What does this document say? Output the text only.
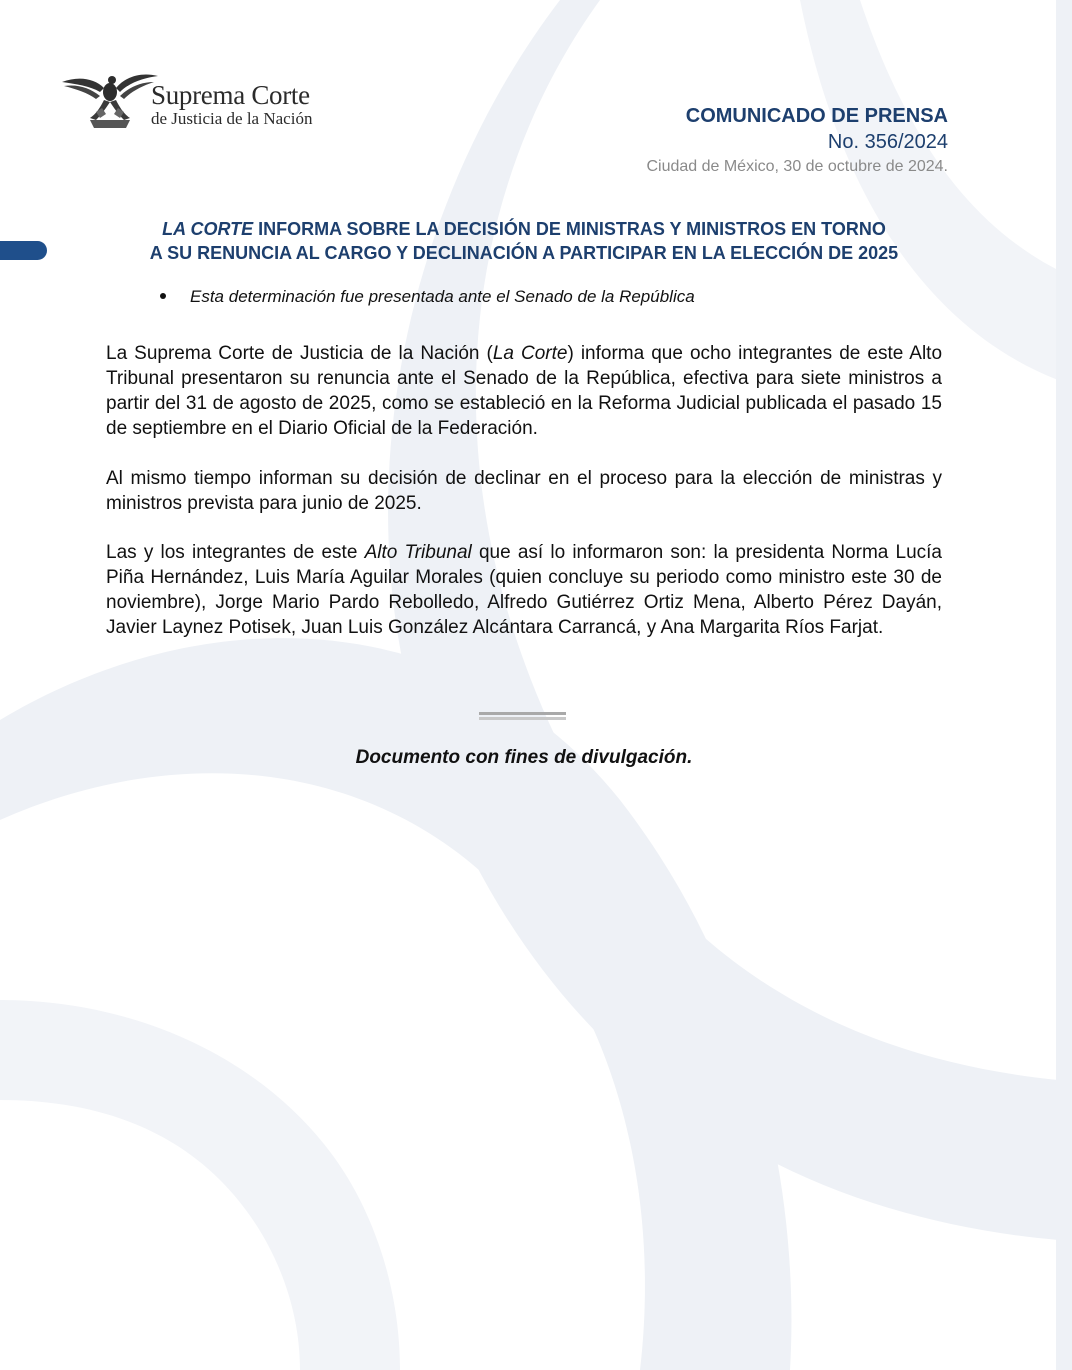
Suprema Corte
de Justicia de la Nación	COMUNICADO DE PRENSA
No. 356/2024
Ciudad de México, 30 de octubre de 2024.
LA CORTE INFORMA SOBRE LA DECISIÓN DE MINISTRAS Y MINISTROS EN TORNO
A SU RENUNCIA AL CARGO Y DECLINACIÓN A PARTICIPAR EN LA ELECCIÓN DE 2025
Esta determinación fue presentada ante el Senado de la República
La Suprema Corte de Justicia de la Nación (La Corte) informa que ocho integrantes de este Alto Tribunal presentaron su renuncia ante el Senado de la República, efectiva para siete ministros a partir del 31 de agosto de 2025, como se estableció en la Reforma Judicial publicada el pasado 15 de septiembre en el Diario Oficial de la Federación.
Al mismo tiempo informan su decisión de declinar en el proceso para la elección de ministras y ministros prevista para junio de 2025.
Las y los integrantes de este Alto Tribunal que así lo informaron son: la presidenta Norma Lucía Piña Hernández, Luis María Aguilar Morales (quien concluye su periodo como ministro este 30 de noviembre), Jorge Mario Pardo Rebolledo, Alfredo Gutiérrez Ortiz Mena, Alberto Pérez Dayán, Javier Laynez Potisek, Juan Luis González Alcántara Carrancá, y Ana Margarita Ríos Farjat.
Documento con fines de divulgación.
